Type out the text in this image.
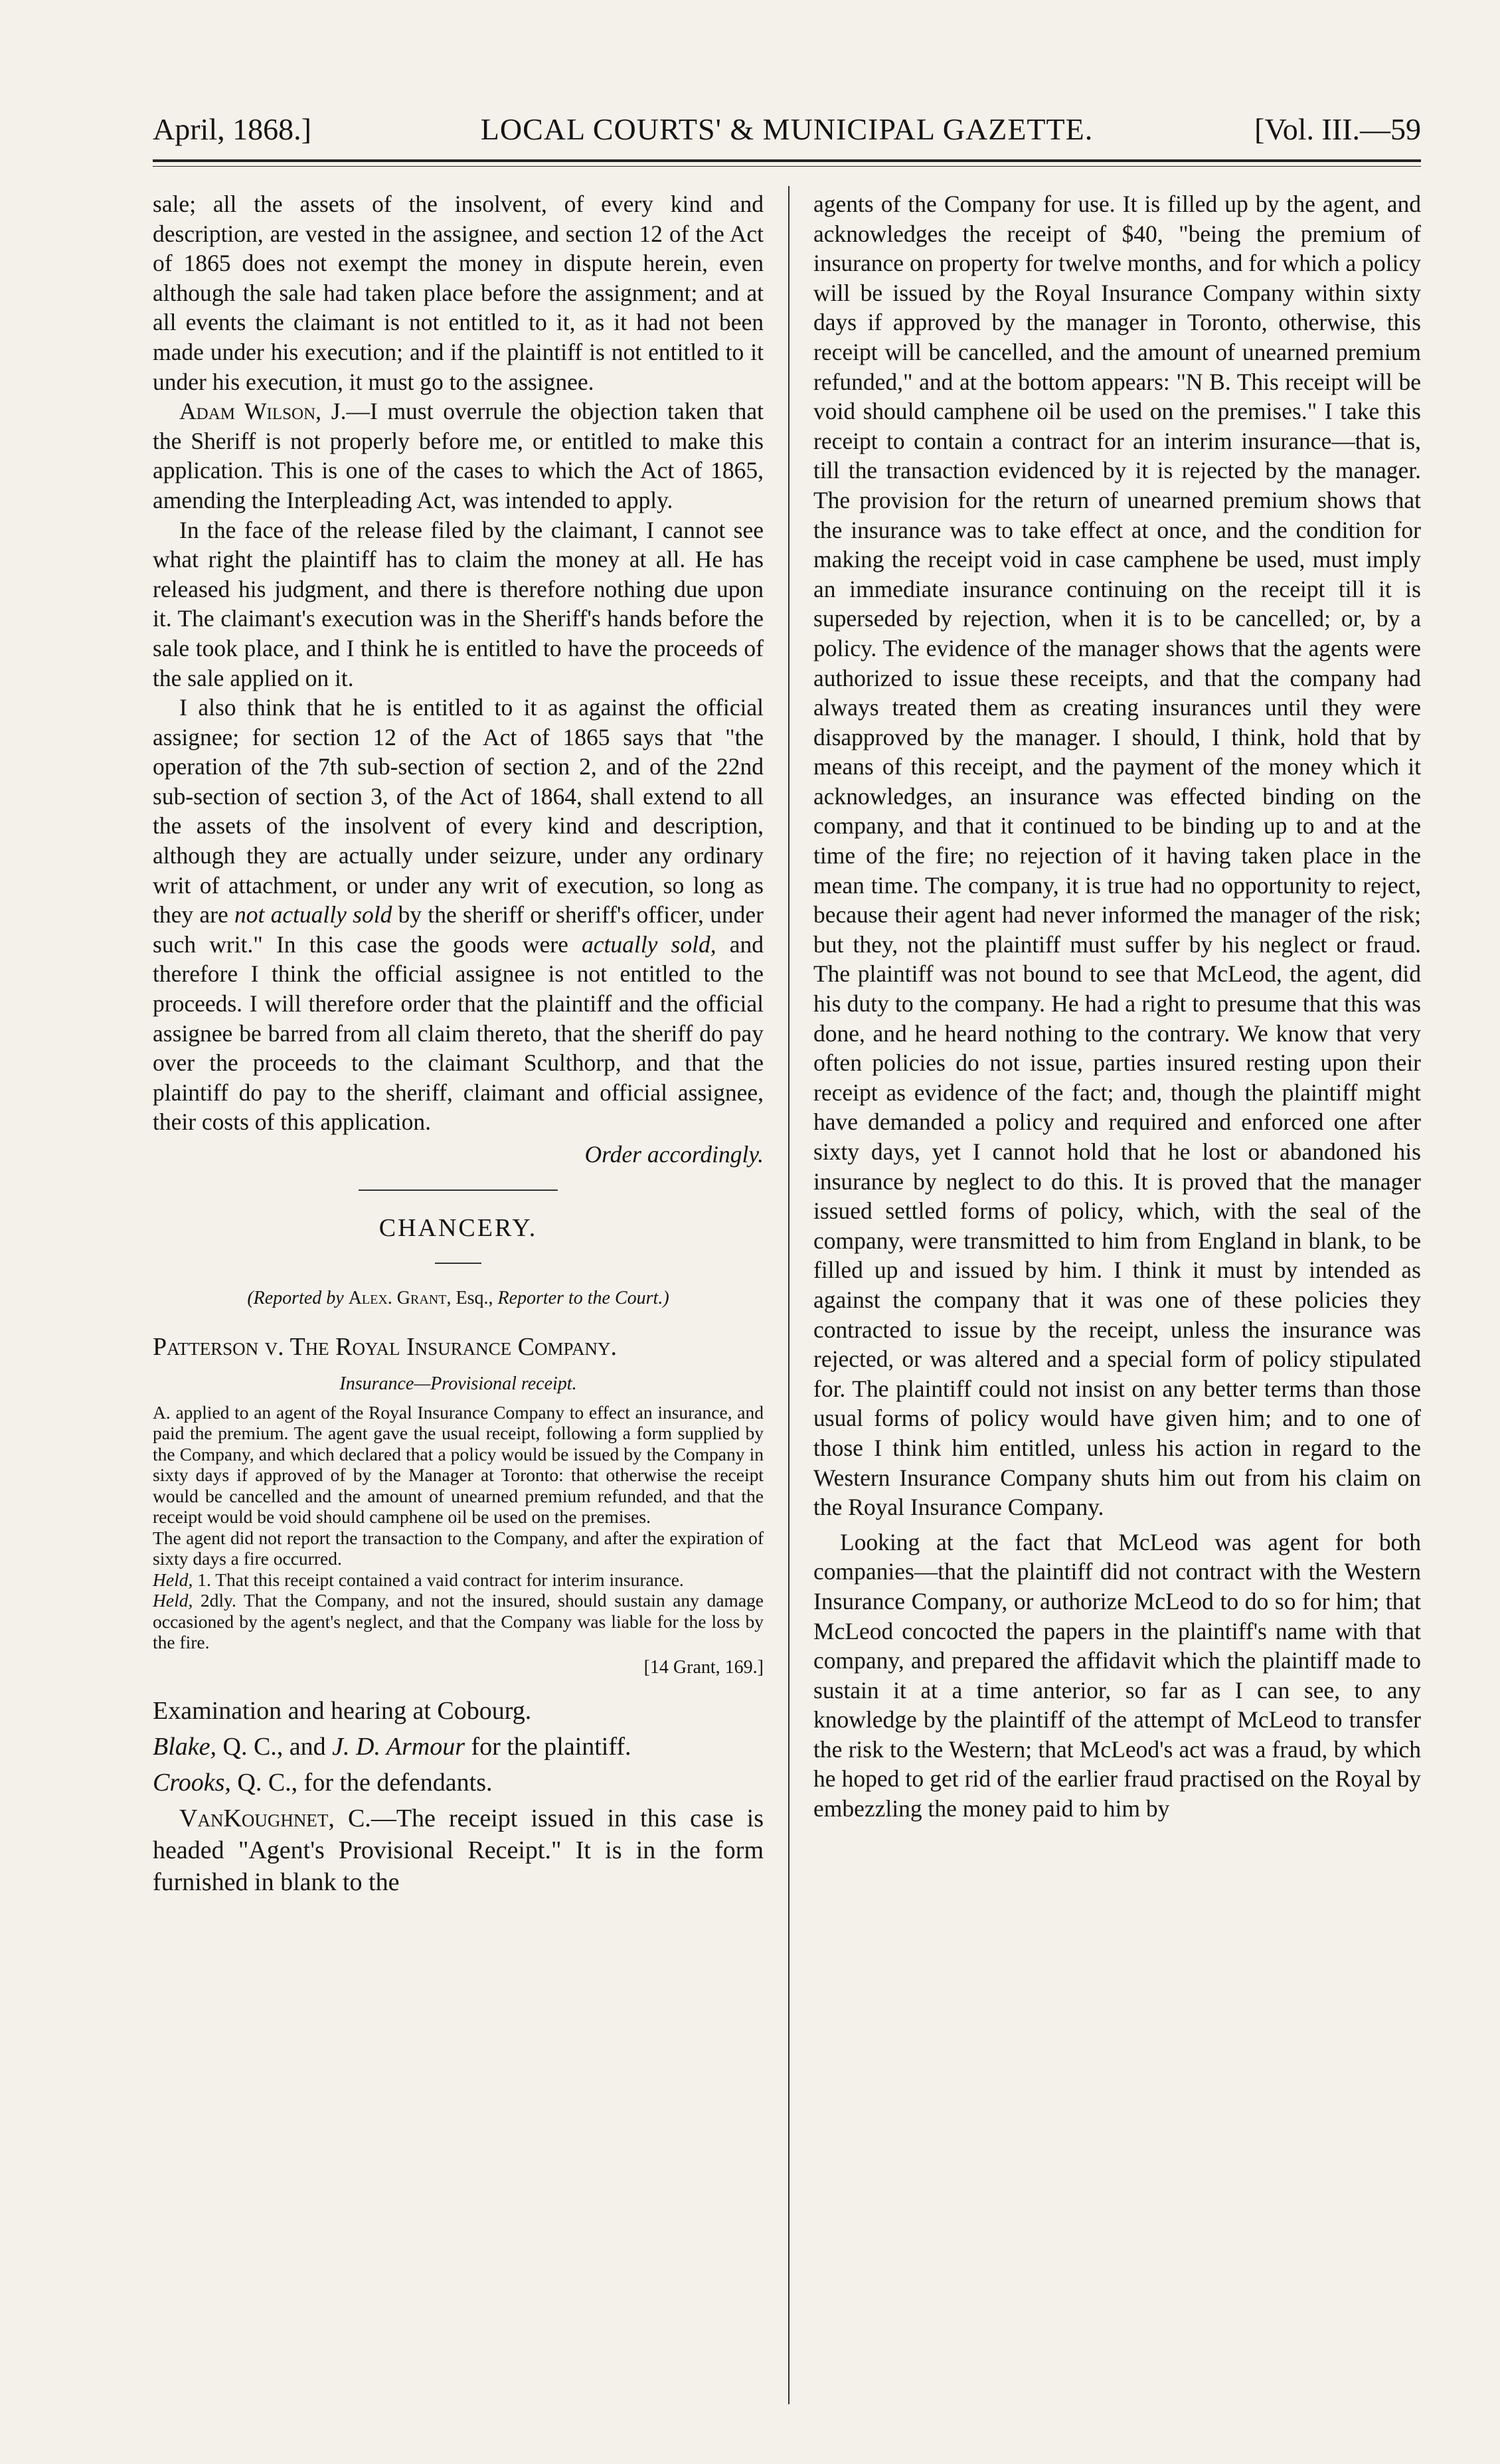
April, 1868.]	LOCAL COURTS' & MUNICIPAL GAZETTE.	[Vol. III.—59

sale; all the assets of the insolvent, of every kind and description, are vested in the assignee, and section 12 of the Act of 1865 does not exempt the money in dispute herein, even although the sale had taken place before the assignment; and at all events the claimant is not entitled to it, as it had not been made under his execution; and if the plaintiff is not entitled to it under his execution, it must go to the assignee.

Adam Wilson, J.—I must overrule the objection taken that the Sheriff is not properly before me, or entitled to make this application. This is one of the cases to which the Act of 1865, amending the Interpleading Act, was intended to apply.

In the face of the release filed by the claimant, I cannot see what right the plaintiff has to claim the money at all. He has released his judgment, and there is therefore nothing due upon it. The claimant's execution was in the Sheriff's hands before the sale took place, and I think he is entitled to have the proceeds of the sale applied on it.

I also think that he is entitled to it as against the official assignee; for section 12 of the Act of 1865 says that "the operation of the 7th sub-section of section 2, and of the 22nd sub-section of section 3, of the Act of 1864, shall extend to all the assets of the insolvent of every kind and description, although they are actually under seizure, under any ordinary writ of attachment, or under any writ of execution, so long as they are not actually sold by the sheriff or sheriff's officer, under such writ." In this case the goods were actually sold, and therefore I think the official assignee is not entitled to the proceeds. I will therefore order that the plaintiff and the official assignee be barred from all claim thereto, that the sheriff do pay over the proceeds to the claimant Sculthorp, and that the plaintiff do pay to the sheriff, claimant and official assignee, their costs of this application.

Order accordingly.

CHANCERY.
(Reported by Alex. Grant, Esq., Reporter to the Court.)
Patterson v. The Royal Insurance Company.
Insurance—Provisional receipt.

A. applied to an agent of the Royal Insurance Company to effect an insurance, and paid the premium. The agent gave the usual receipt, following a form supplied by the Company, and which declared that a policy would be issued by the Company in sixty days if approved of by the Manager at Toronto: that otherwise the receipt would be cancelled and the amount of unearned premium refunded, and that the receipt would be void should camphene oil be used on the premises.

The agent did not report the transaction to the Company, and after the expiration of sixty days a fire occurred.

Held, 1. That this receipt contained a vaid contract for interim insurance.

Held, 2dly. That the Company, and not the insured, should sustain any damage occasioned by the agent's neglect, and that the Company was liable for the loss by the fire.

[14 Grant, 169.]
Examination and hearing at Cobourg.
Blake, Q. C., and J. D. Armour for the plaintiff.
Crooks, Q. C., for the defendants.

VanKoughnet, C.—The receipt issued in this case is headed "Agent's Provisional Receipt." It is in the form furnished in blank to the

agents of the Company for use. It is filled up by the agent, and acknowledges the receipt of $40, "being the premium of insurance on property for twelve months, and for which a policy will be issued by the Royal Insurance Company within sixty days if approved by the manager in Toronto, otherwise, this receipt will be cancelled, and the amount of unearned premium refunded," and at the bottom appears: "N B. This receipt will be void should camphene oil be used on the premises." I take this receipt to contain a contract for an interim insurance—that is, till the transaction evidenced by it is rejected by the manager. The provision for the return of unearned premium shows that the insurance was to take effect at once, and the condition for making the receipt void in case camphene be used, must imply an immediate insurance continuing on the receipt till it is superseded by rejection, when it is to be cancelled; or, by a policy. The evidence of the manager shows that the agents were authorized to issue these receipts, and that the company had always treated them as creating insurances until they were disapproved by the manager. I should, I think, hold that by means of this receipt, and the payment of the money which it acknowledges, an insurance was effected binding on the company, and that it continued to be binding up to and at the time of the fire; no rejection of it having taken place in the mean time. The company, it is true had no opportunity to reject, because their agent had never informed the manager of the risk; but they, not the plaintiff must suffer by his neglect or fraud. The plaintiff was not bound to see that McLeod, the agent, did his duty to the company. He had a right to presume that this was done, and he heard nothing to the contrary. We know that very often policies do not issue, parties insured resting upon their receipt as evidence of the fact; and, though the plaintiff might have demanded a policy and required and enforced one after sixty days, yet I cannot hold that he lost or abandoned his insurance by neglect to do this. It is proved that the manager issued settled forms of policy, which, with the seal of the company, were transmitted to him from England in blank, to be filled up and issued by him. I think it must by intended as against the company that it was one of these policies they contracted to issue by the receipt, unless the insurance was rejected, or was altered and a special form of policy stipulated for. The plaintiff could not insist on any better terms than those usual forms of policy would have given him; and to one of those I think him entitled, unless his action in regard to the Western Insurance Company shuts him out from his claim on the Royal Insurance Company.

Looking at the fact that McLeod was agent for both companies—that the plaintiff did not contract with the Western Insurance Company, or authorize McLeod to do so for him; that McLeod concocted the papers in the plaintiff's name with that company, and prepared the affidavit which the plaintiff made to sustain it at a time anterior, so far as I can see, to any knowledge by the plaintiff of the attempt of McLeod to transfer the risk to the Western; that McLeod's act was a fraud, by which he hoped to get rid of the earlier fraud practised on the Royal by embezzling the money paid to him by
